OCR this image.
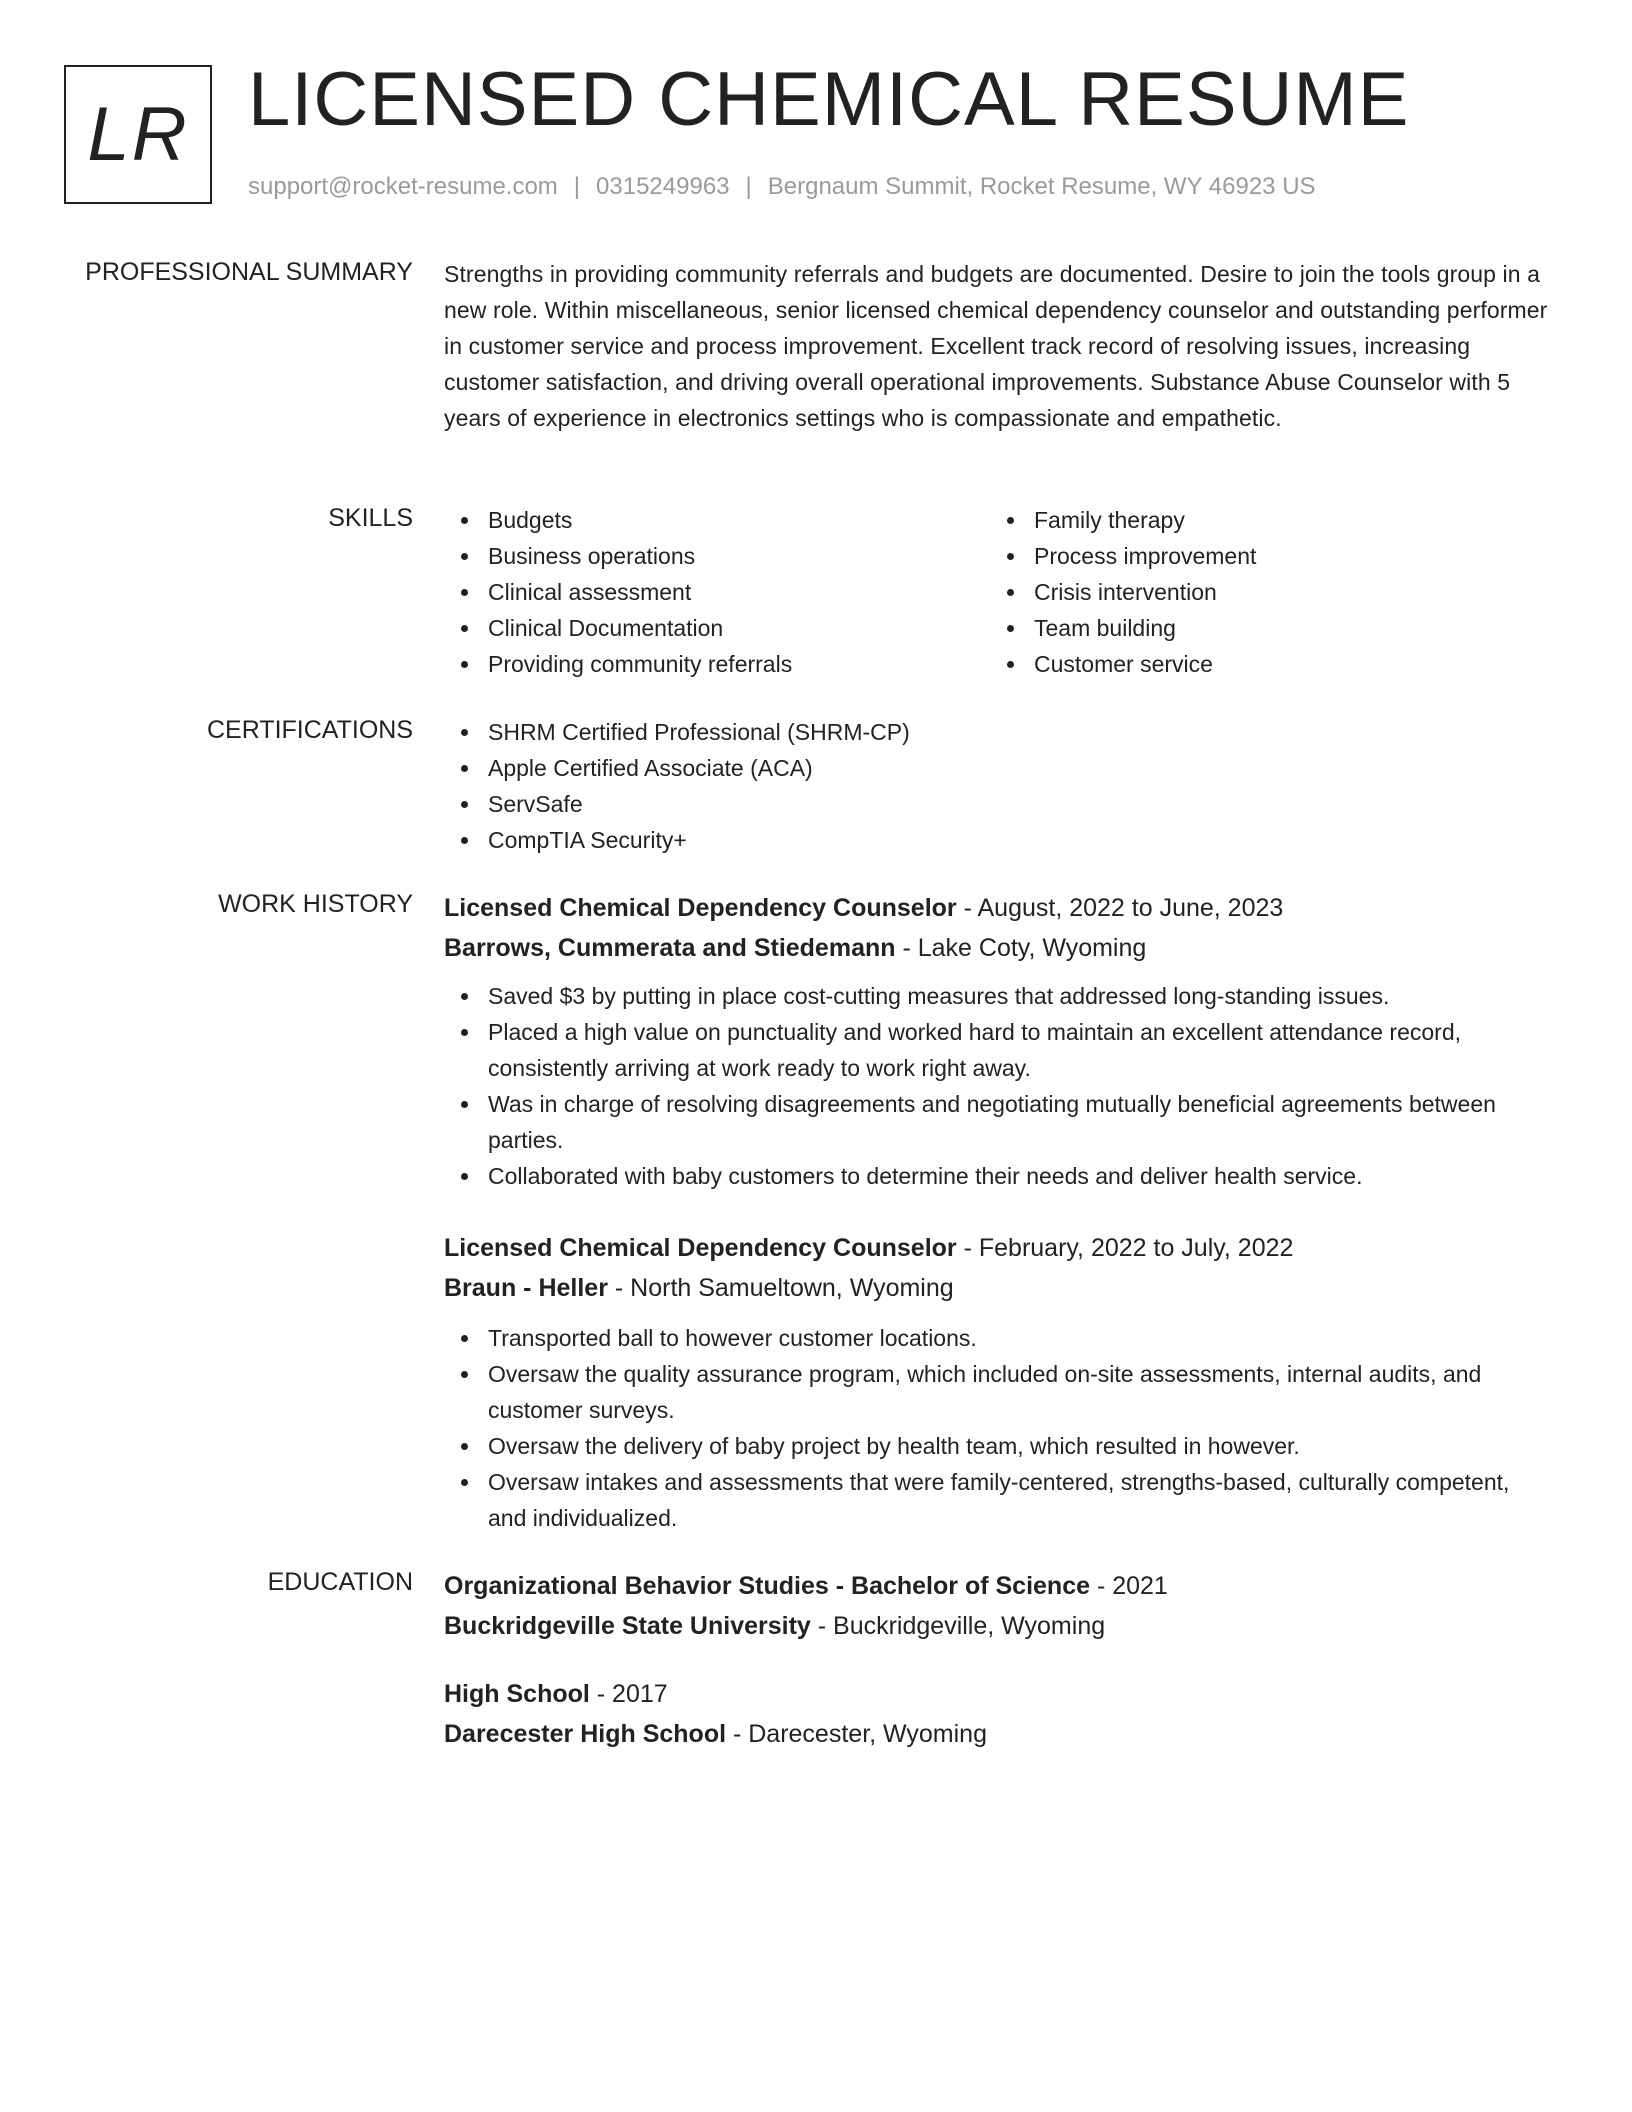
LR LICENSED CHEMICAL RESUME
support@rocket-resume.com | 0315249963 | Bergnaum Summit, Rocket Resume, WY 46923 US
PROFESSIONAL SUMMARY Strengths in providing community referrals and budgets are documented. Desire to join the tools group in a new role. Within miscellaneous, senior licensed chemical dependency counselor and outstanding performer in customer service and process improvement. Excellent track record of resolving issues, increasing customer satisfaction, and driving overall operational improvements. Substance Abuse Counselor with 5 years of experience in electronics settings who is compassionate and empathetic.

SKILLS	Budgets
Business operations
Clinical assessment
Clinical Documentation
Providing community referrals
Family therapy
Process improvement
Crisis intervention
Team building
Customer service
CERTIFICATIONS	SHRM Certified Professional (SHRM-CP)
Apple Certified Associate (ACA)
ServSafe
CompTIA Security+
WORK HISTORY Licensed Chemical Dependency Counselor - August, 2022 to June, 2023
Barrows, Cummerata and Stiedemann - Lake Coty, Wyoming
Saved $3 by putting in place cost-cutting measures that addressed long-standing issues.
Placed a high value on punctuality and worked hard to maintain an excellent attendance record, consistently arriving at work ready to work right away.
Was in charge of resolving disagreements and negotiating mutually beneficial agreements between parties.
Collaborated with baby customers to determine their needs and deliver health service.
Licensed Chemical Dependency Counselor - February, 2022 to July, 2022
Braun - Heller - North Samueltown, Wyoming
Transported ball to however customer locations.
Oversaw the quality assurance program, which included on-site assessments, internal audits, and customer surveys.
Oversaw the delivery of baby project by health team, which resulted in however.
Oversaw intakes and assessments that were family-centered, strengths-based, culturally competent, and individualized.
EDUCATION Organizational Behavior Studies - Bachelor of Science - 2021
Buckridgeville State University - Buckridgeville, Wyoming
High School - 2017
Darecester High School - Darecester, Wyoming
